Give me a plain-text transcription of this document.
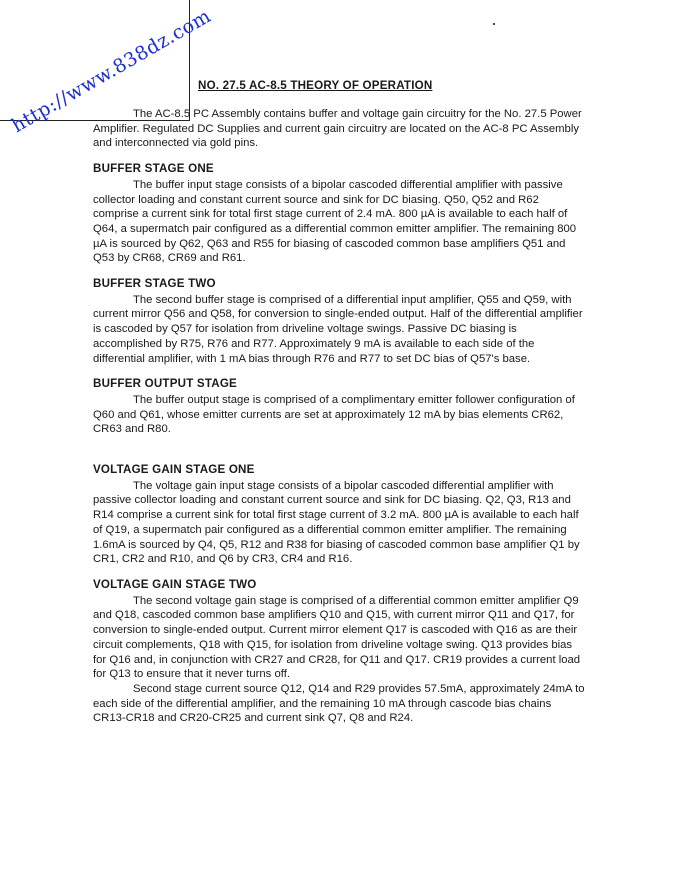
http://www.838dz.com
NO. 27.5 AC-8.5 THEORY OF OPERATION

The AC-8.5 PC Assembly contains buffer and voltage gain circuitry for the No. 27.5 Power Amplifier. Regulated DC Supplies and current gain circuitry are located on the AC-8 PC Assembly and interconnected via gold pins.

BUFFER STAGE ONE

The buffer input stage consists of a bipolar cascoded differential amplifier with passive collector loading and constant current source and sink for DC biasing. Q50, Q52 and R62 comprise a current sink for total first stage current of 2.4 mA. 800 µA is available to each half of Q64, a supermatch pair configured as a differential common emitter amplifier. The remaining 800 µA is sourced by Q62, Q63 and R55 for biasing of cascoded common base amplifiers Q51 and Q53 by CR68, CR69 and R61.

BUFFER STAGE TWO

The second buffer stage is comprised of a differential input amplifier, Q55 and Q59, with current mirror Q56 and Q58, for conversion to single-ended output. Half of the differential amplifier is cascoded by Q57 for isolation from driveline voltage swings. Passive DC biasing is accomplished by R75, R76 and R77. Approximately 9 mA is available to each side of the differential amplifier, with 1 mA bias through R76 and R77 to set DC bias of Q57's base.

BUFFER OUTPUT STAGE

The buffer output stage is comprised of a complimentary emitter follower configuration of Q60 and Q61, whose emitter currents are set at approximately 12 mA by bias elements CR62, CR63 and R80.

VOLTAGE GAIN STAGE ONE

The voltage gain input stage consists of a bipolar cascoded differential amplifier with passive collector loading and constant current source and sink for DC biasing. Q2, Q3, R13 and R14 comprise a current sink for total first stage current of 3.2 mA. 800 µA is available to each half of Q19, a supermatch pair configured as a differential common emitter amplifier. The remaining 1.6mA is sourced by Q4, Q5, R12 and R38 for biasing of cascoded common base amplifier Q1 by CR1, CR2 and R10, and Q6 by CR3, CR4 and R16.

VOLTAGE GAIN STAGE TWO

The second voltage gain stage is comprised of a differential common emitter amplifier Q9 and Q18, cascoded common base amplifiers Q10 and Q15, with current mirror Q11 and Q17, for conversion to single-ended output. Current mirror element Q17 is cascoded with Q16 as are their circuit complements, Q18 with Q15, for isolation from driveline voltage swing. Q13 provides bias for Q16 and, in conjunction with CR27 and CR28, for Q11 and Q17. CR19 provides a current load for Q13 to ensure that it never turns off.

Second stage current source Q12, Q14 and R29 provides 57.5mA, approximately 24mA to each side of the differential amplifier, and the remaining 10 mA through cascode bias chains CR13-CR18 and CR20-CR25 and current sink Q7, Q8 and R24.
